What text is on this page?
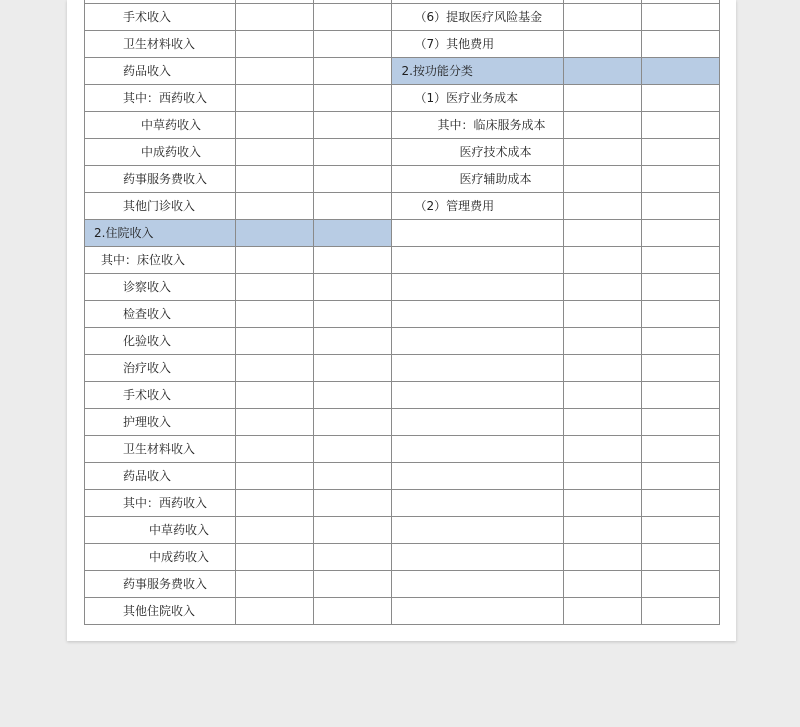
手术收入			（6）提取医疗风险基金		
卫生材料收入			（7）其他费用		
药品收入			2.按功能分类		
其中：西药收入			（1）医疗业务成本		
中草药收入			其中：临床服务成本		
中成药收入			医疗技术成本		
药事服务费收入			医疗辅助成本		
其他门诊收入			（2）管理费用		
2.住院收入					
其中：床位收入					
诊察收入					
检查收入					
化验收入					
治疗收入					
手术收入					
护理收入					
卫生材料收入					
药品收入					
其中：西药收入					
中草药收入					
中成药收入					
药事服务费收入					
其他住院收入					
